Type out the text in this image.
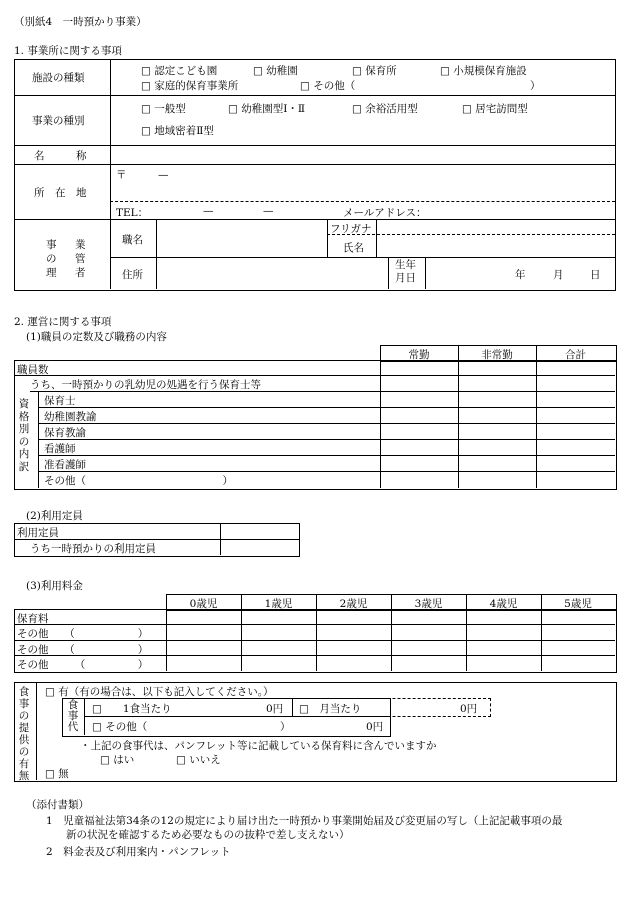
（別紙4　一時預かり事業）
1. 事業所に関する事項
施設の種類
□ 認定こども園	□ 幼稚園	□ 保育所	□ 小規模保育施設
□ 家庭的保育事業所	□ その他（	）
事業の種別
□ 一般型	□ 幼稚園型Ⅰ・Ⅱ	□ 余裕活用型	□ 居宅訪問型
□ 地域密着Ⅱ型
名　　　称
所　在　地
〒　　　—
TEL：	—	—	メールアドレス：
事　業　の　管　理　者
職名
フリガナ
氏名
住所
生年月日	年	月	日
2. 運営に関する事項
(1)職員の定数及び職務の内容
常勤	非常勤	合計
職員数
うち、一時預かりの乳幼児の処遇を行う保育士等
資格別の内訳
保育士
幼稚園教諭
保育教諭
看護師
准看護師
その他（　　　　　　　　　　　　　）
(2)利用定員
利用定員
うち一時預かりの利用定員
(3)利用料金
0歳児	1歳児	2歳児	3歳児	4歳児	5歳児
保育料
その他　　（　　　　　　）
その他　　（　　　　　　）
その他　　　（　　　　　）
食事の提供の有無
□ 有（有の場合は、以下も記入してください。）
食事代
□　　1食当たり	0円 □　月当たり	0円
□ その他（	）	0円
・上記の食事代は、パンフレット等に記載している保育料に含んでいますか
□ はい	□ いいえ
□ 無
（添付書類）
1　児童福祉法第34条の12の規定により届け出た一時預かり事業開始届及び変更届の写し（上記記載事項の最
新の状況を確認するため必要なものの抜粋で差し支えない）
2　料金表及び利用案内・パンフレット
